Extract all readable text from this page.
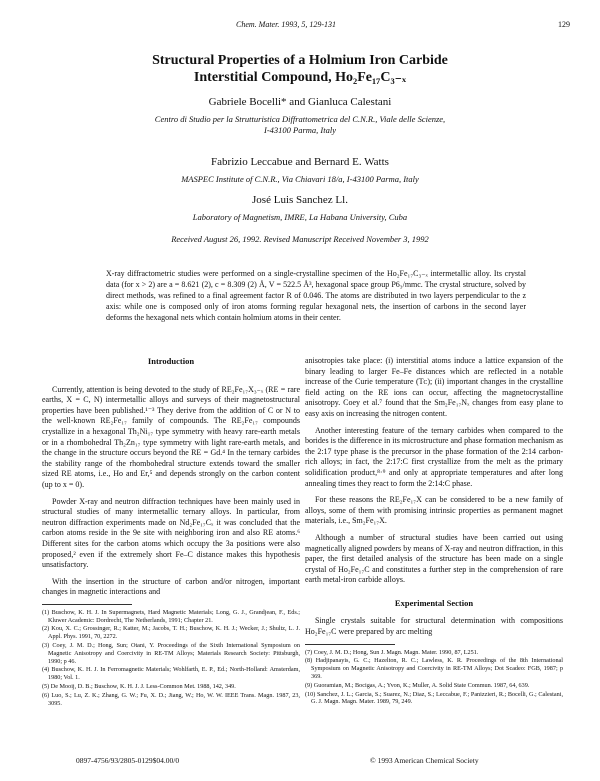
Chem. Mater. 1993, 5, 129-131	129
Structural Properties of a Holmium Iron Carbide
Interstitial Compound, Ho₂Fe₁₇C₃₋ₓ
Gabriele Bocelli* and Gianluca Calestani
Centro di Studio per la Strutturistica Diffrattometrica del C.N.R., Viale delle Scienze,
I-43100 Parma, Italy
Fabrizio Leccabue and Bernard E. Watts
MASPEC Institute of C.N.R., Via Chiavari 18/a, I-43100 Parma, Italy
José Luis Sanchez Ll.
Laboratory of Magnetism, IMRE, La Habana University, Cuba
Received August 26, 1992. Revised Manuscript Received November 3, 1992
X-ray diffractometric studies were performed on a single-crystalline specimen of the Ho₂Fe₁₇C₃₋ₓ intermetallic alloy. Its crystal data (for x > 2) are a = 8.621 (2), c = 8.309 (2) Å, V = 522.5 Å³, hexagonal space group P6₃/mmc. The crystal structure, solved by direct methods, was refined to a final agreement factor R of 0.046. The atoms are distributed in two layers perpendicular to the z axis: while one is composed only of iron atoms forming regular hexagonal nets, the insertion of carbons in the second layer deforms the hexagonal nets which contain holmium atoms in their center.
Introduction

Currently, attention is being devoted to the study of RE₂Fe₁₇X₃₋ₓ (RE = rare earths, X = C, N) intermetallic alloys and surveys of their magnetostructural properties have been published.¹⁻³ They derive from the addition of C or N to the well-known RE₂Fe₁₇ family of compounds. The RE₂Fe₁₇ compounds crystallize in a hexagonal Th₂Ni₁₇ type symmetry with heavy rare-earth metals or in a rhombohedral Th₂Zn₁₇ type symmetry with light rare-earth metals, and the change in the structure occurs beyond the RE = Gd.⁴ In the ternary carbides the stability range of the rhombohedral structure extends toward the smaller sized RE atoms, i.e., Ho and Er,⁵ and depends strongly on the carbon content (up to x = 0).

Powder X-ray and neutron diffraction techniques have been mainly used in structural studies of many intermetallic ternary alloys. In particular, from neutron diffraction experiments made on Nd₂Fe₁₇Cₓ it was concluded that the carbon atoms reside in the 9e site with neighboring iron and also RE atoms.⁶ Different sites for the carbon atoms which occupy the 3a positions were also proposed,² even if the extremely short Fe–C distance makes this hypothesis unsatisfactory.

With the insertion in the structure of carbon and/or nitrogen, important changes in magnetic interactions and

(1) Buschow, K. H. J. In Supermagnets, Hard Magnetic Materials; Long, G. J., Grandjean, F., Eds.; Kluwer Academic: Dordrecht, The Netherlands, 1991; Chapter 21.
(2) Kou, X. C.; Grossinger, R.; Katter, M.; Jacobs, T. H.; Buschow, K. H. J.; Wecker, J.; Shultz, L. J. Appl. Phys. 1991, 70, 2272.
(3) Coey, J. M. D.; Hong, Sun; Otani, Y. Proceedings of the Sixth International Symposium on Magnetic Anisotropy and Coercivity in RE-TM Alloys; Materials Research Society: Pittsburgh, 1990; p 46.
(4) Buschow, K. H. J. In Ferromagnetic Materials; Wohlfarth, E. P., Ed.; North-Holland: Amsterdam, 1980; Vol. 1.
(5) De Mooij, D. B.; Buschow, K. H. J. J. Less-Common Met. 1988, 142, 349.
(6) Luo, S.; Lu, Z. K.; Zhang, G. W.; Fu, X. D.; Jiang, W.; Ho, W. W. IEEE Trans. Magn. 1987, 23, 3095.

anisotropies take place: (i) interstitial atoms induce a lattice expansion of the binary leading to larger Fe–Fe distances which are reflected in a notable increase of the Curie temperature (Tᴄ); (ii) important changes in the crystalline field acting on the RE ions can occur, affecting the magnetocrystalline anisotropy. Coey et al.⁷ found that the Sm₂Fe₁₇Nₓ changes from easy plane to easy axis on increasing the nitrogen content.

Another interesting feature of the ternary carbides when compared to the borides is the difference in its microstructure and phase formation mechanism as the 2:17 type phase is the precursor in the phase formation of the 2:14 carbon-rich alloys; in fact, the 2:17:C first crystallize from the melt as the primary solidification product,⁸·⁹ and only at appropriate temperatures and after long annealing times they react to form the 2:14:C phase.

For these reasons the RE₂Fe₁₇X can be considered to be a new family of alloys, some of them with promising intrinsic properties as permanent magnet materials, i.e., Sm₂Fe₁₇X.

Although a number of structural studies have been carried out using magnetically aligned powders by means of X-ray and neutron diffraction, in this paper, the first detailed analysis of the structure has been made on a single crystal of Ho₂Fe₁₇C and constitutes a further step in the comprehension of rare earth metal-iron carbide alloys.

Experimental Section

Single crystals suitable for structural determination with compositions Ho₂Fe₁₇C were prepared by arc melting

(7) Coey, J. M. D.; Hong, Sun J. Magn. Magn. Mater. 1990, 87, L251.
(8) Hadjipanayis, G. C.; Hazelton, R. C.; Lawless, K. R. Proceedings of the 8th International Symposium on Magnetic Anisotropy and Coercivity in RE-TM Alloys; Dot Scadeo: FGB, 1987; p 369.
(9) Guoramian, M.; Bocigas, A.; Yvon, K.; Muller, A. Solid State Commun. 1987, 64, 639.
(10) Sanchez, J. L.; Garcia, S.; Suarez, N.; Diaz, S.; Leccabue, F.; Panizzieri, R.; Bocelli, G.; Calestani, G. J. Magn. Magn. Mater. 1989, 79, 249.
0897-4756/93/2805-0129$04.00/0	© 1993 American Chemical Society
